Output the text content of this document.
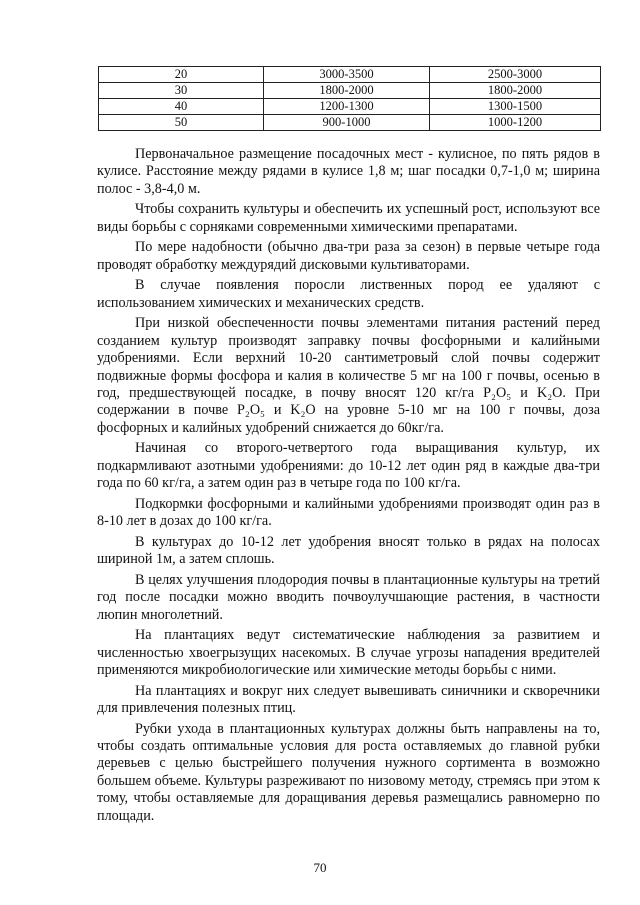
20	3000-3500	2500-3000
30	1800-2000	1800-2000
40	1200-1300	1300-1500
50	900-1000	1000-1200

Первоначальное размещение посадочных мест - кулисное, по пять рядов в кулисе. Расстояние между рядами в кулисе 1,8 м; шаг посадки 0,7-1,0 м; ширина полос - 3,8-4,0 м.

Чтобы сохранить культуры и обеспечить их успешный рост, используют все виды борьбы с сорняками современными химическими препаратами.

По мере надобности (обычно два-три раза за сезон) в первые четыре года проводят обработку междурядий дисковыми культиваторами.

В случае появления поросли лиственных пород ее удаляют с использованием химических и механических средств.

При низкой обеспеченности почвы элементами питания растений перед созданием культур производят заправку почвы фосфорными и калийными удобрениями. Если верхний 10-20 сантиметровый слой почвы содержит подвижные формы фосфора и калия в количестве 5 мг на 100 г почвы, осенью в год, предшествующей посадке, в почву вносят 120 кг/га P₂O₅ и K₂O. При содержании в почве P₂O₅ и K₂O на уровне 5-10 мг на 100 г почвы, доза фосфорных и калийных удобрений снижается до 60кг/га.

Начиная со второго-четвертого года выращивания культур, их подкармливают азотными удобрениями: до 10-12 лет один ряд в каждые два-три года по 60 кг/га, а затем один раз в четыре года по 100 кг/га.

Подкормки фосфорными и калийными удобрениями производят один раз в 8-10 лет в дозах до 100 кг/га.

В культурах до 10-12 лет удобрения вносят только в рядах на полосах шириной 1м, а затем сплошь.

В целях улучшения плодородия почвы в плантационные культуры на третий год после посадки можно вводить почвоулучшающие растения, в частности люпин многолетний.

На плантациях ведут систематические наблюдения за развитием и численностью хвоегрызущих насекомых. В случае угрозы нападения вредителей применяются микробиологические или химические методы борьбы с ними.

На плантациях и вокруг них следует вывешивать синичники и скворечники для привлечения полезных птиц.

Рубки ухода в плантационных культурах должны быть направлены на то, чтобы создать оптимальные условия для роста оставляемых до главной рубки деревьев с целью быстрейшего получения нужного сортимента в возможно большем объеме. Культуры разреживают по низовому методу, стремясь при этом к тому, чтобы оставляемые для доращивания деревья размещались равномерно по площади.

70
